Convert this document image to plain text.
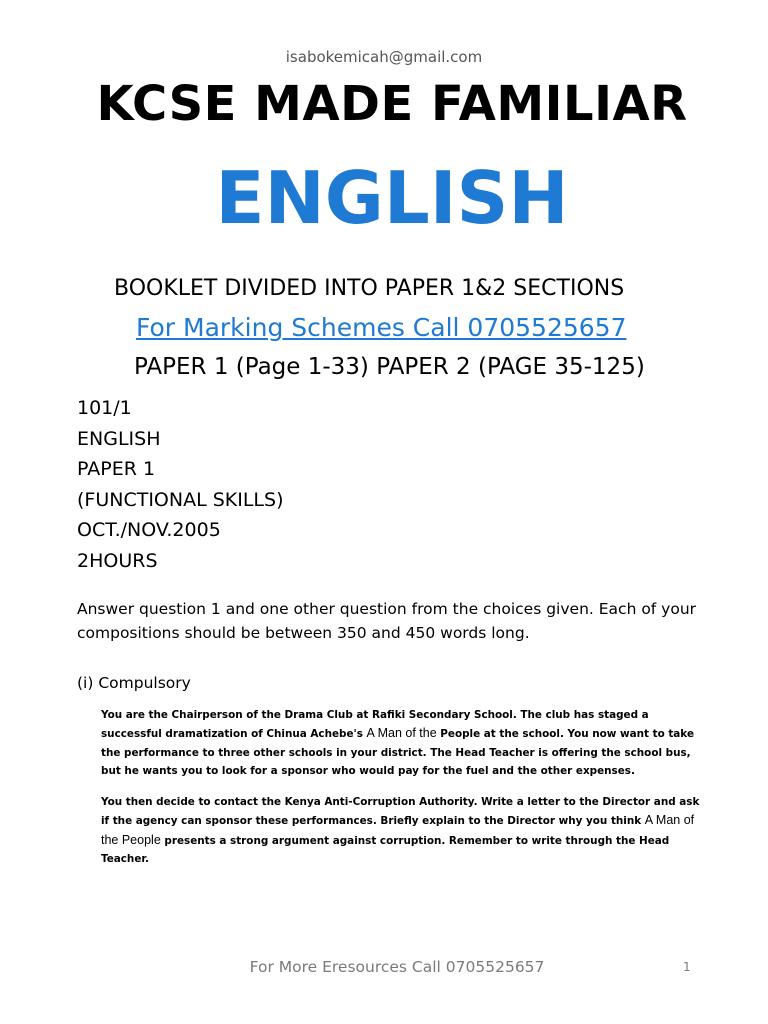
isabokemicah@gmail.com
KCSE MADE FAMILIAR
ENGLISH
BOOKLET DIVIDED INTO PAPER 1&2 SECTIONS
For Marking Schemes Call 0705525657
PAPER 1 (Page 1-33) PAPER 2 (PAGE 35-125)
101/1
ENGLISH
PAPER 1
(FUNCTIONAL SKILLS)
OCT./NOV.2005
2HOURS
Answer question 1 and one other question from the choices given. Each of your compositions should be between 350 and 450 words long.
(i) Compulsory
You are the Chairperson of the Drama Club at Rafiki Secondary School. The club has staged a successful dramatization of Chinua Achebe's A Man of the People at the school. You now want to take the performance to three other schools in your district. The Head Teacher is offering the school bus, but he wants you to look for a sponsor who would pay for the fuel and the other expenses.
You then decide to contact the Kenya Anti-Corruption Authority. Write a letter to the Director and ask if the agency can sponsor these performances. Briefly explain to the Director why you think A Man of the People presents a strong argument against corruption. Remember to write through the Head Teacher.
For More Eresources Call 0705525657	1
